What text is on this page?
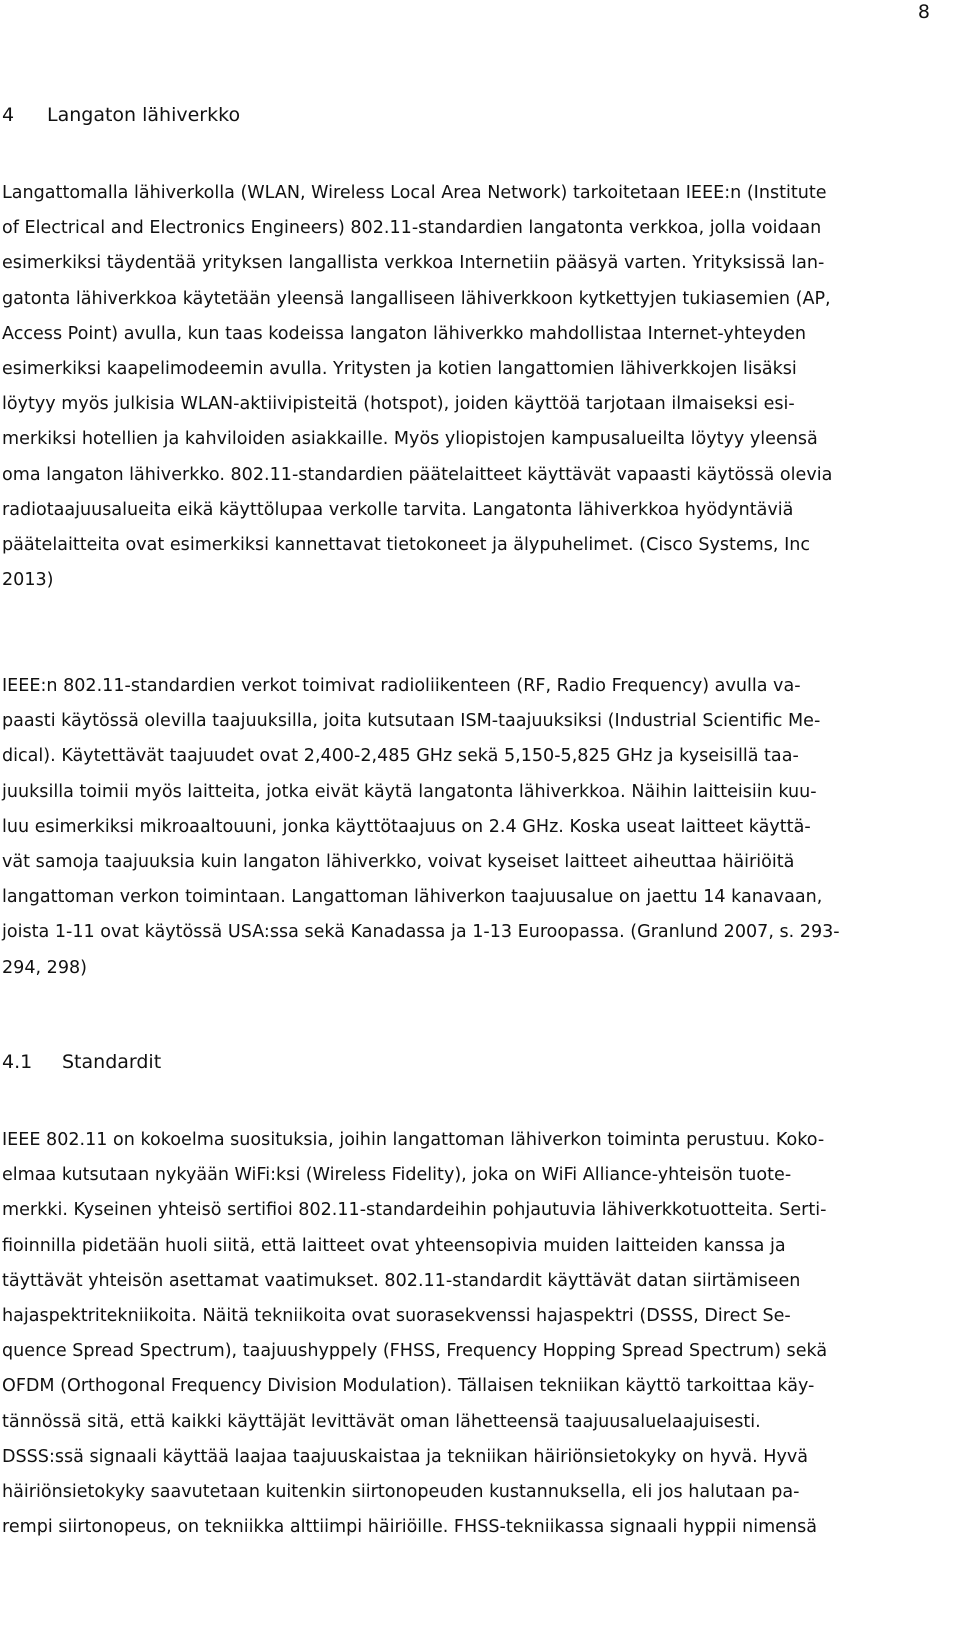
8
4 Langaton lähiverkko
Langattomalla lähiverkolla (WLAN, Wireless Local Area Network) tarkoitetaan IEEE:n (Institute
of Electrical and Electronics Engineers) 802.11-standardien langatonta verkkoa, jolla voidaan
esimerkiksi täydentää yrityksen langallista verkkoa Internetiin pääsyä varten. Yrityksissä lan-
gatonta lähiverkkoa käytetään yleensä langalliseen lähiverkkoon kytkettyjen tukiasemien (AP,
Access Point) avulla, kun taas kodeissa langaton lähiverkko mahdollistaa Internet-yhteyden
esimerkiksi kaapelimodeemin avulla. Yritysten ja kotien langattomien lähiverkkojen lisäksi
löytyy myös julkisia WLAN-aktiivipisteitä (hotspot), joiden käyttöä tarjotaan ilmaiseksi esi-
merkiksi hotellien ja kahviloiden asiakkaille. Myös yliopistojen kampusalueilta löytyy yleensä
oma langaton lähiverkko. 802.11-standardien päätelaitteet käyttävät vapaasti käytössä olevia
radiotaajuusalueita eikä käyttölupaa verkolle tarvita. Langatonta lähiverkkoa hyödyntäviä
päätelaitteita ovat esimerkiksi kannettavat tietokoneet ja älypuhelimet. (Cisco Systems, Inc
2013)
IEEE:n 802.11-standardien verkot toimivat radioliikenteen (RF, Radio Frequency) avulla va-
paasti käytössä olevilla taajuuksilla, joita kutsutaan ISM-taajuuksiksi (Industrial Scientific Me-
dical). Käytettävät taajuudet ovat 2,400-2,485 GHz sekä 5,150-5,825 GHz ja kyseisillä taa-
juuksilla toimii myös laitteita, jotka eivät käytä langatonta lähiverkkoa. Näihin laitteisiin kuu-
luu esimerkiksi mikroaaltouuni, jonka käyttötaajuus on 2.4 GHz. Koska useat laitteet käyttä-
vät samoja taajuuksia kuin langaton lähiverkko, voivat kyseiset laitteet aiheuttaa häiriöitä
langattoman verkon toimintaan. Langattoman lähiverkon taajuusalue on jaettu 14 kanavaan,
joista 1-11 ovat käytössä USA:ssa sekä Kanadassa ja 1-13 Euroopassa. (Granlund 2007, s. 293-
294, 298)
4.1 Standardit
IEEE 802.11 on kokoelma suosituksia, joihin langattoman lähiverkon toiminta perustuu. Koko-
elmaa kutsutaan nykyään WiFi:ksi (Wireless Fidelity), joka on WiFi Alliance-yhteisön tuote-
merkki. Kyseinen yhteisö sertifioi 802.11-standardeihin pohjautuvia lähiverkkotuotteita. Serti-
fioinnilla pidetään huoli siitä, että laitteet ovat yhteensopivia muiden laitteiden kanssa ja
täyttävät yhteisön asettamat vaatimukset. 802.11-standardit käyttävät datan siirtämiseen
hajaspektritekniikoita. Näitä tekniikoita ovat suorasekvenssi hajaspektri (DSSS, Direct Se-
quence Spread Spectrum), taajuushyppely (FHSS, Frequency Hopping Spread Spectrum) sekä
OFDM (Orthogonal Frequency Division Modulation). Tällaisen tekniikan käyttö tarkoittaa käy-
tännössä sitä, että kaikki käyttäjät levittävät oman lähetteensä taajuusaluelaajuisesti.
DSSS:ssä signaali käyttää laajaa taajuuskaistaa ja tekniikan häiriönsietokyky on hyvä. Hyvä
häiriönsietokyky saavutetaan kuitenkin siirtonopeuden kustannuksella, eli jos halutaan pa-
rempi siirtonopeus, on tekniikka alttiimpi häiriöille. FHSS-tekniikassa signaali hyppii nimensä
